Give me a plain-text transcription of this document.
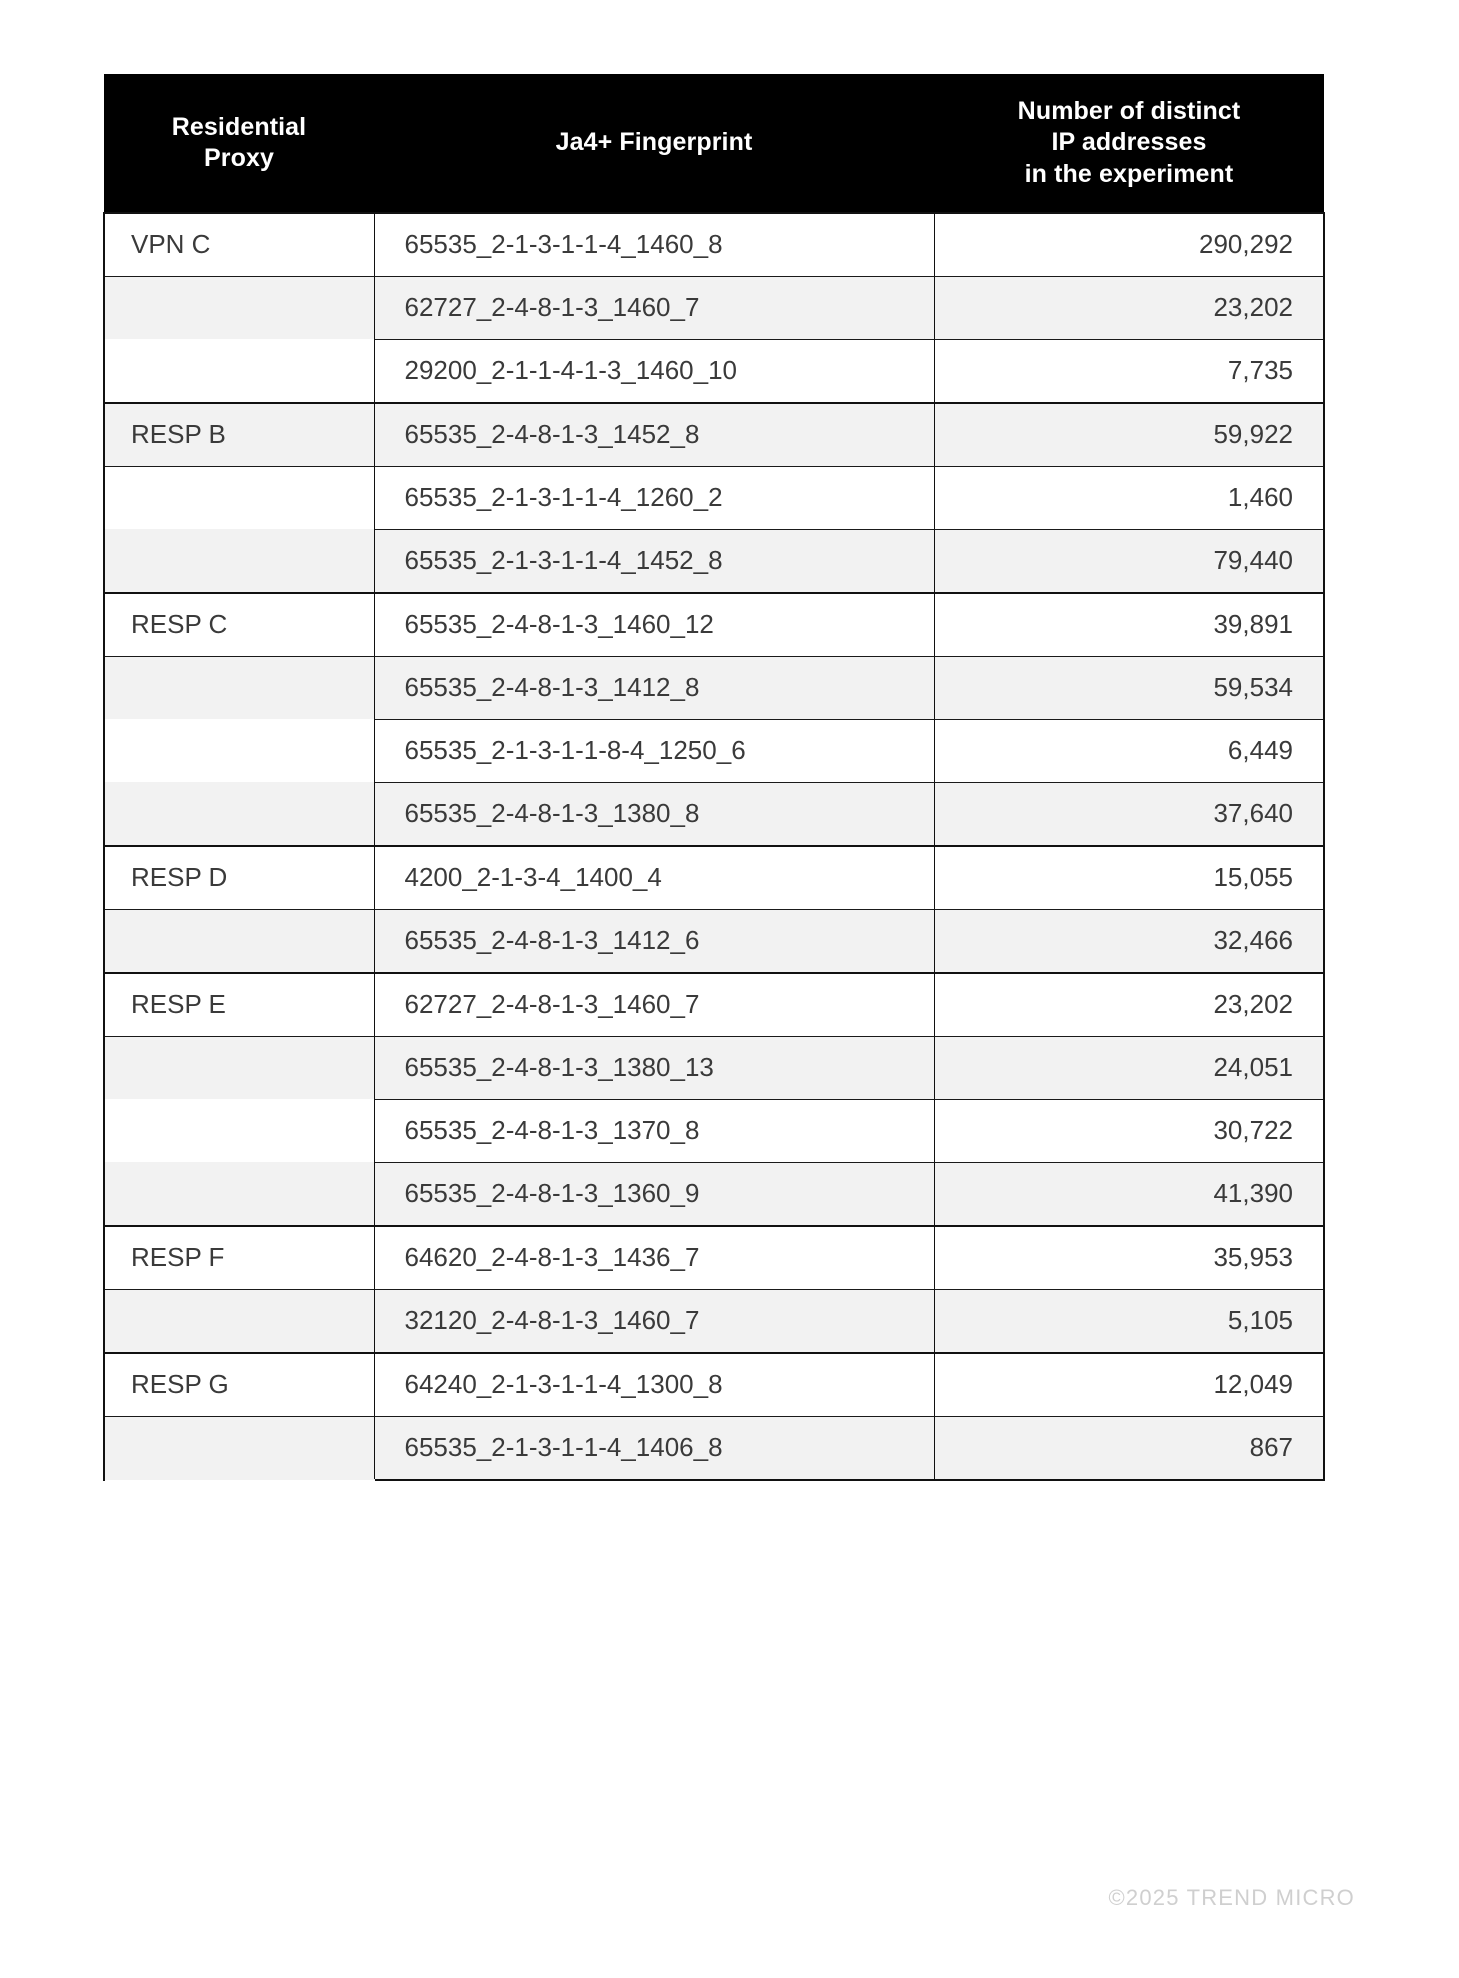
Residential
Proxy	Ja4+ Fingerprint	Number of distinct
IP addresses
in the experiment
VPN C	65535_2-1-3-1-1-4_1460_8	290,292
	62727_2-4-8-1-3_1460_7	23,202
	29200_2-1-1-4-1-3_1460_10	7,735
RESP B	65535_2-4-8-1-3_1452_8	59,922
	65535_2-1-3-1-1-4_1260_2	1,460
	65535_2-1-3-1-1-4_1452_8	79,440
RESP C	65535_2-4-8-1-3_1460_12	39,891
	65535_2-4-8-1-3_1412_8	59,534
	65535_2-1-3-1-1-8-4_1250_6	6,449
	65535_2-4-8-1-3_1380_8	37,640
RESP D	4200_2-1-3-4_1400_4	15,055
	65535_2-4-8-1-3_1412_6	32,466
RESP E	62727_2-4-8-1-3_1460_7	23,202
	65535_2-4-8-1-3_1380_13	24,051
	65535_2-4-8-1-3_1370_8	30,722
	65535_2-4-8-1-3_1360_9	41,390
RESP F	64620_2-4-8-1-3_1436_7	35,953
	32120_2-4-8-1-3_1460_7	5,105
RESP G	64240_2-1-3-1-1-4_1300_8	12,049
	65535_2-1-3-1-1-4_1406_8	867
©2025 TREND MICRO
